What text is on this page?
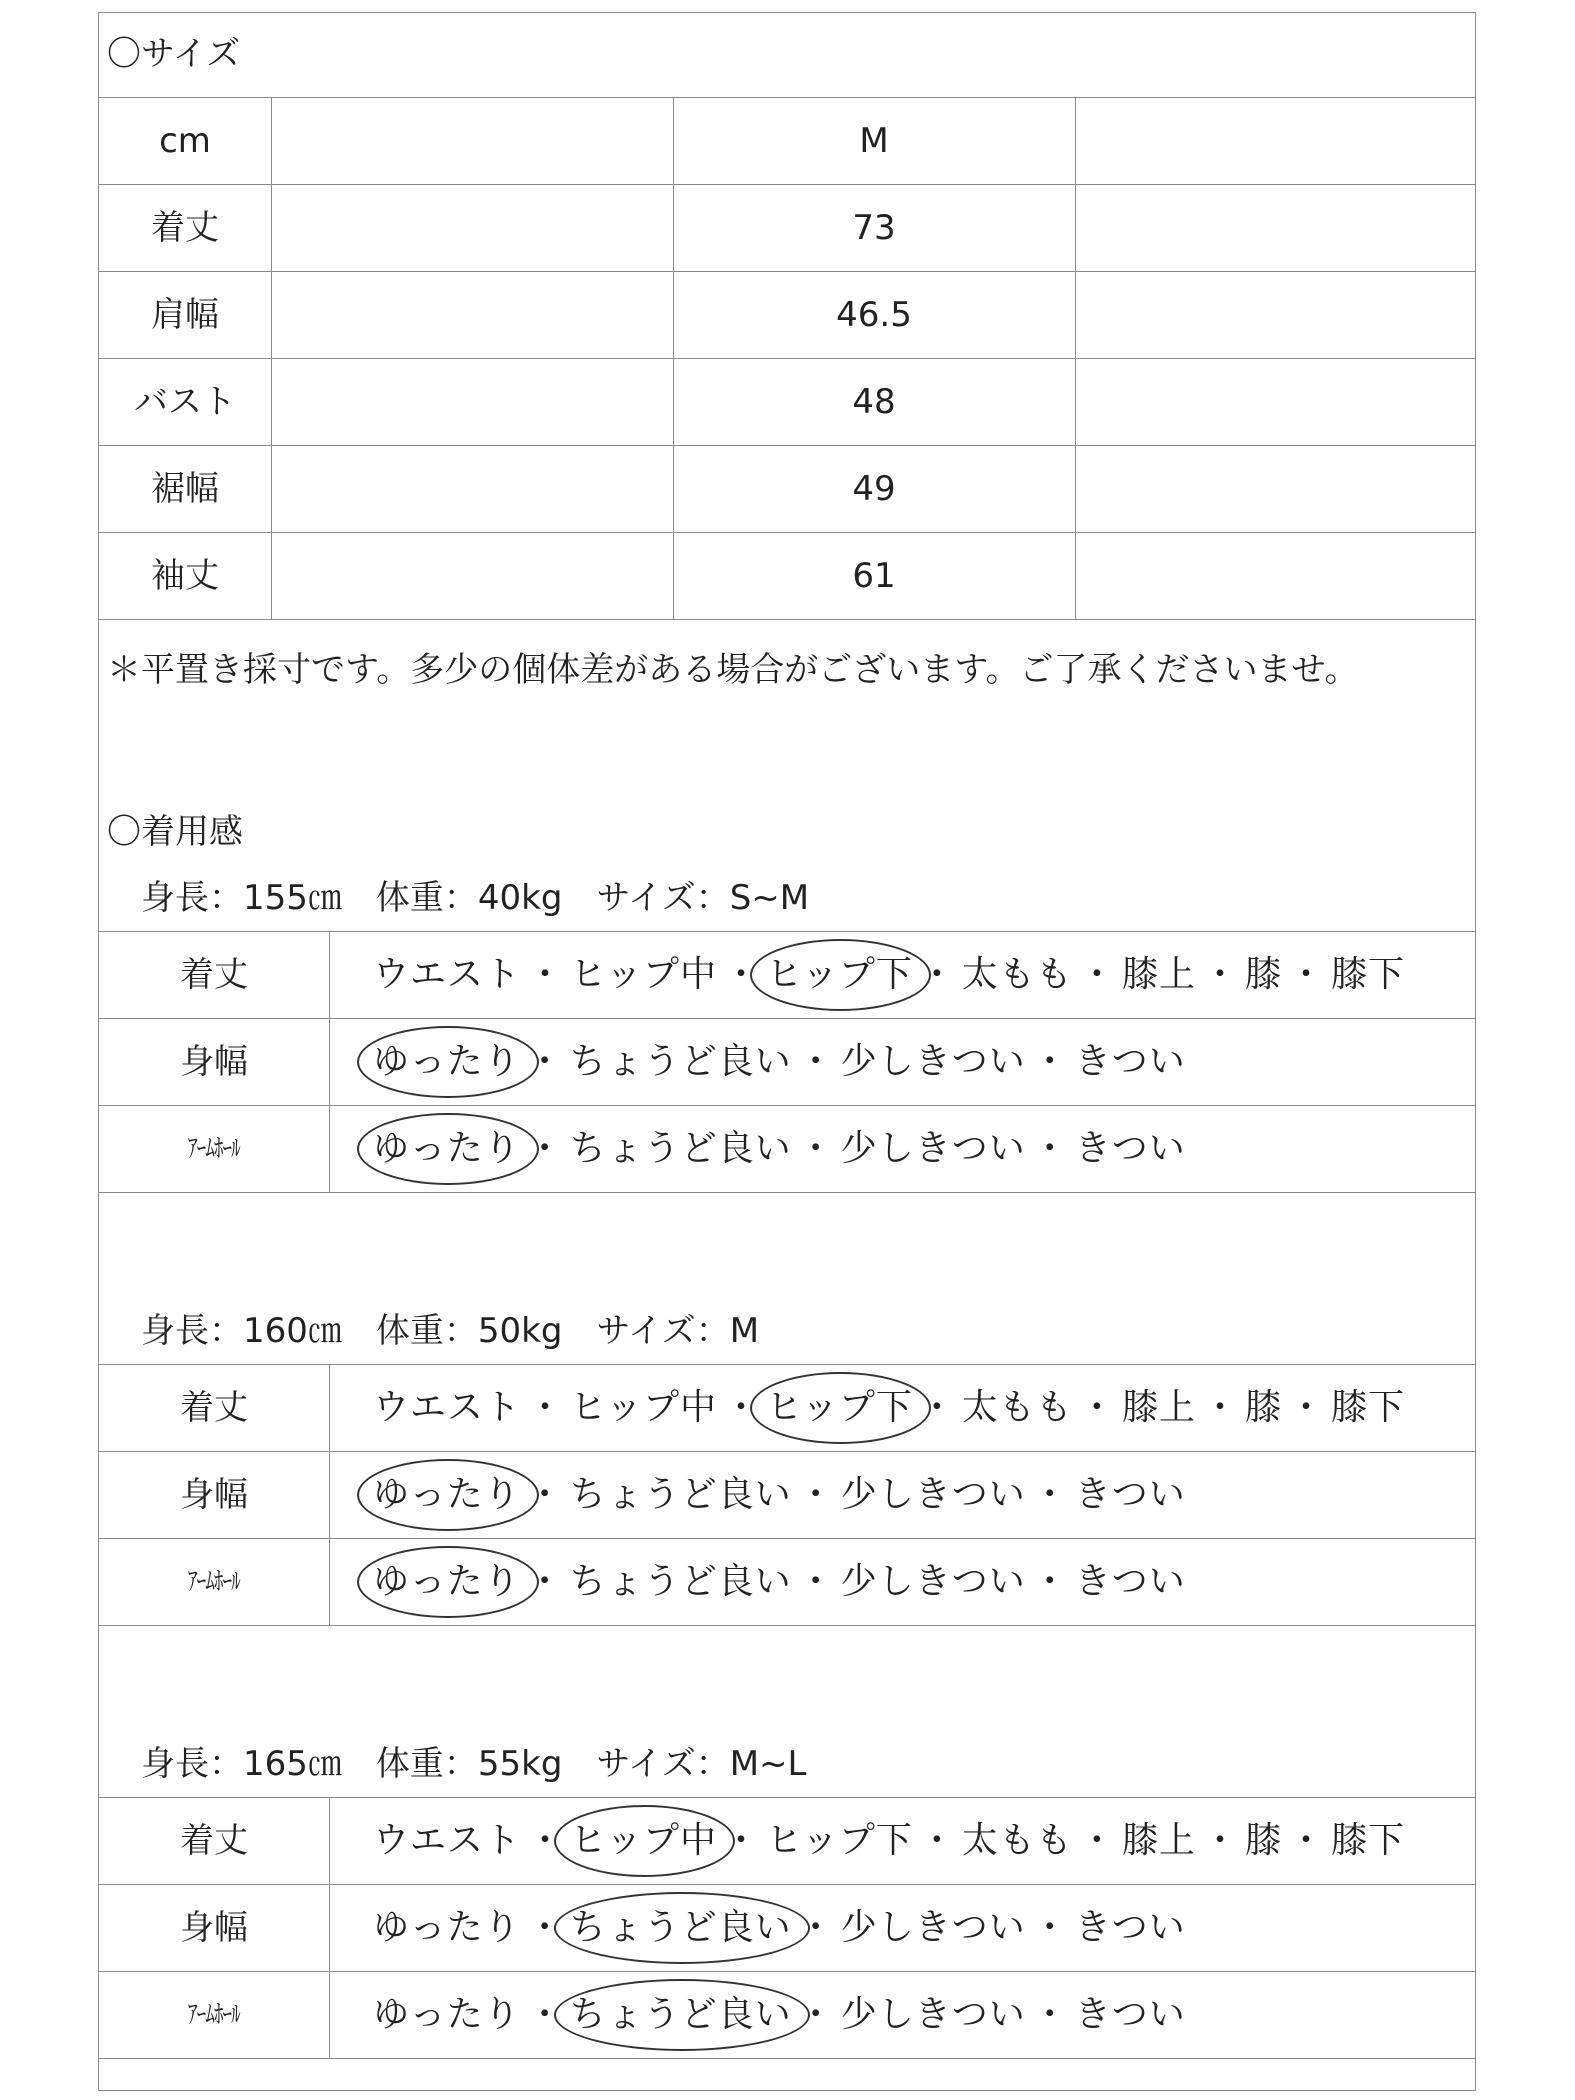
〇サイズ
cm	M
着丈	73
肩幅	46.5
バスト	48
裾幅	49
袖丈	61
＊平置き採寸です。多少の個体差がある場合がございます。ご了承くださいませ。
〇着用感
身長：155㎝　体重：40kg　サイズ：S~M
着丈	ウエスト ・ ヒップ中 ・ ヒップ下 ・ 太もも ・ 膝上 ・ 膝 ・ 膝下
身幅	ゆったり ・ ちょうど良い ・ 少しきつい ・ きつい
ｱｰﾑﾎｰﾙ	ゆったり ・ ちょうど良い ・ 少しきつい ・ きつい
身長：160㎝　体重：50kg　サイズ：M
着丈	ウエスト ・ ヒップ中 ・ ヒップ下 ・ 太もも ・ 膝上 ・ 膝 ・ 膝下
身幅	ゆったり ・ ちょうど良い ・ 少しきつい ・ きつい
ｱｰﾑﾎｰﾙ	ゆったり ・ ちょうど良い ・ 少しきつい ・ きつい
身長：165㎝　体重：55kg　サイズ：M~L
着丈	ウエスト ・ ヒップ中 ・ ヒップ下 ・ 太もも ・ 膝上 ・ 膝 ・ 膝下
身幅	ゆったり ・ ちょうど良い ・ 少しきつい ・ きつい
ｱｰﾑﾎｰﾙ	ゆったり ・ ちょうど良い ・ 少しきつい ・ きつい
